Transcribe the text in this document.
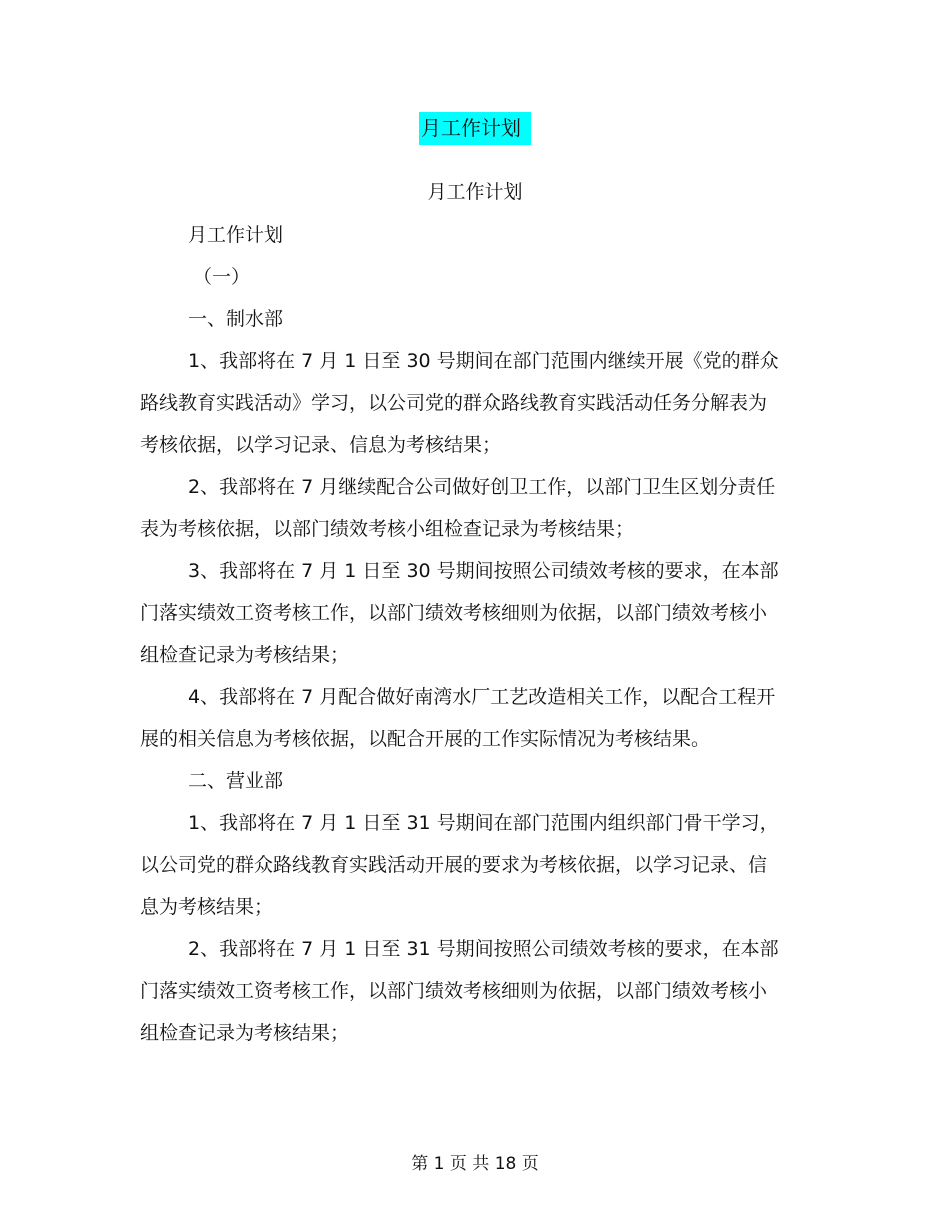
月工作计划
月工作计划

月工作计划

（一）

一、制水部

1、我部将在 7 月 1 日至 30 号期间在部门范围内继续开展《党的群众路线教育实践活动》学习，以公司党的群众路线教育实践活动任务分解表为考核依据，以学习记录、信息为考核结果；

2、我部将在 7 月继续配合公司做好创卫工作，以部门卫生区划分责任表为考核依据，以部门绩效考核小组检查记录为考核结果；

3、我部将在 7 月 1 日至 30 号期间按照公司绩效考核的要求，在本部门落实绩效工资考核工作，以部门绩效考核细则为依据，以部门绩效考核小组检查记录为考核结果；

4、我部将在 7 月配合做好南湾水厂工艺改造相关工作，以配合工程开展的相关信息为考核依据，以配合开展的工作实际情况为考核结果。

二、营业部

1、我部将在 7 月 1 日至 31 号期间在部门范围内组织部门骨干学习，以公司党的群众路线教育实践活动开展的要求为考核依据，以学习记录、信息为考核结果；

2、我部将在 7 月 1 日至 31 号期间按照公司绩效考核的要求，在本部门落实绩效工资考核工作，以部门绩效考核细则为依据，以部门绩效考核小组检查记录为考核结果；

第 1 页 共 18 页
